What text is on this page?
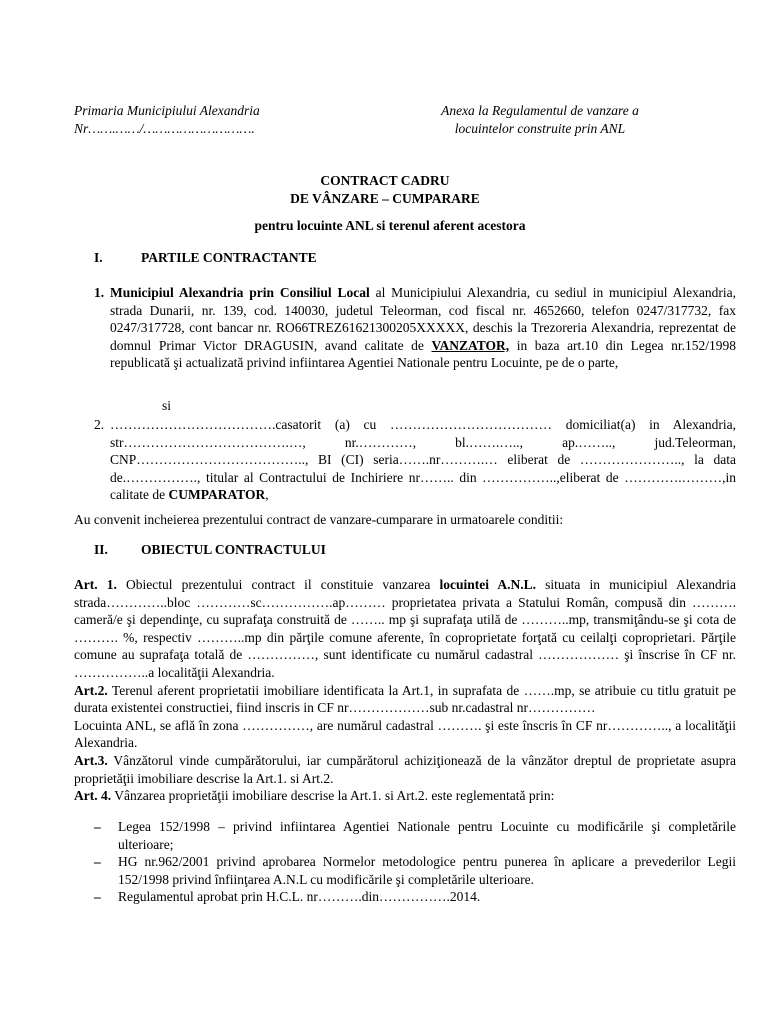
Primaria Municipiului Alexandria
Nr…….……/……………………….
Anexa la Regulamentul de vanzare a
locuintelor construite prin ANL
CONTRACT CADRU
DE VÂNZARE – CUMPARARE
pentru locuinte ANL si terenul aferent acestora
I.	PARTILE CONTRACTANTE
1. Municipiul Alexandria prin Consiliul Local al Municipiului Alexandria, cu sediul in municipiul Alexandria, strada Dunarii, nr. 139, cod. 140030, judetul Teleorman, cod fiscal nr. 4652660, telefon 0247/317732, fax 0247/317728, cont bancar nr. RO66TREZ61621300205XXXXX, deschis la Trezoreria Alexandria, reprezentat de domnul Primar Victor DRAGUSIN, avand calitate de VANZATOR, in baza art.10 din Legea nr.152/1998 republicată şi actualizată privind infiintarea Agentiei Nationale pentru Locuinte, pe de o parte,
si
2. ……………………………….casatorit (a) cu ……………………………… domiciliat(a) in Alexandria, str……………………………….…, nr.…………, bl.…….….., ap.…….., jud.Teleorman, CNP……………………………….., BI (CI) seria…….nr……….… eliberat de ………………….., la data de.……………., titular al Contractului de Inchiriere nr…….. din ……………..,eliberat de ………….………,in calitate de CUMPARATOR,
Au convenit incheierea prezentului contract de vanzare-cumparare in urmatoarele conditii:
II. OBIECTUL CONTRACTULUI
Art. 1. Obiectul prezentului contract il constituie vanzarea locuintei A.N.L. situata in municipiul Alexandria strada…………..bloc …………sc…………….ap……… proprietatea privata a Statului Român, compusă din ………. cameră/e şi dependinţe, cu suprafaţa construită de …….. mp şi suprafaţa utilă de ………..mp, transmiţându-se şi cota de ………. %, respectiv ………..mp din părţile comune aferente, în coproprietate forţată cu ceilalţi coproprietari. Părţile comune au suprafaţa totală de ……………, sunt identificate cu numărul cadastral ……………… şi înscrise în CF nr. ……………..a localităţii Alexandria.
Art.2. Terenul aferent proprietatii imobiliare identificata la Art.1, in suprafata de …….mp, se atribuie cu titlu gratuit pe durata existentei constructiei, fiind inscris in CF nr………………sub nr.cadastral nr……………
Locuinta ANL, se află în zona ……………, are numărul cadastral ………. şi este înscris în CF nr………….., a localităţii Alexandria.
Art.3. Vânzătorul vinde cumpărătorului, iar cumpărătorul achiziţionează de la vânzător dreptul de proprietate asupra proprietăţii imobiliare descrise la Art.1. si Art.2.
Art. 4. Vânzarea proprietăţii imobiliare descrise la Art.1. si Art.2. este reglementată prin:
– Legea 152/1998 – privind infiintarea Agentiei Nationale pentru Locuinte cu modificările şi completările ulterioare;
– HG nr.962/2001 privind aprobarea Normelor metodologice pentru punerea în aplicare a prevederilor Legii 152/1998 privind înfiinţarea A.N.L cu modificările şi completările ulterioare.
– Regulamentul aprobat prin H.C.L. nr……….din…………….2014.
